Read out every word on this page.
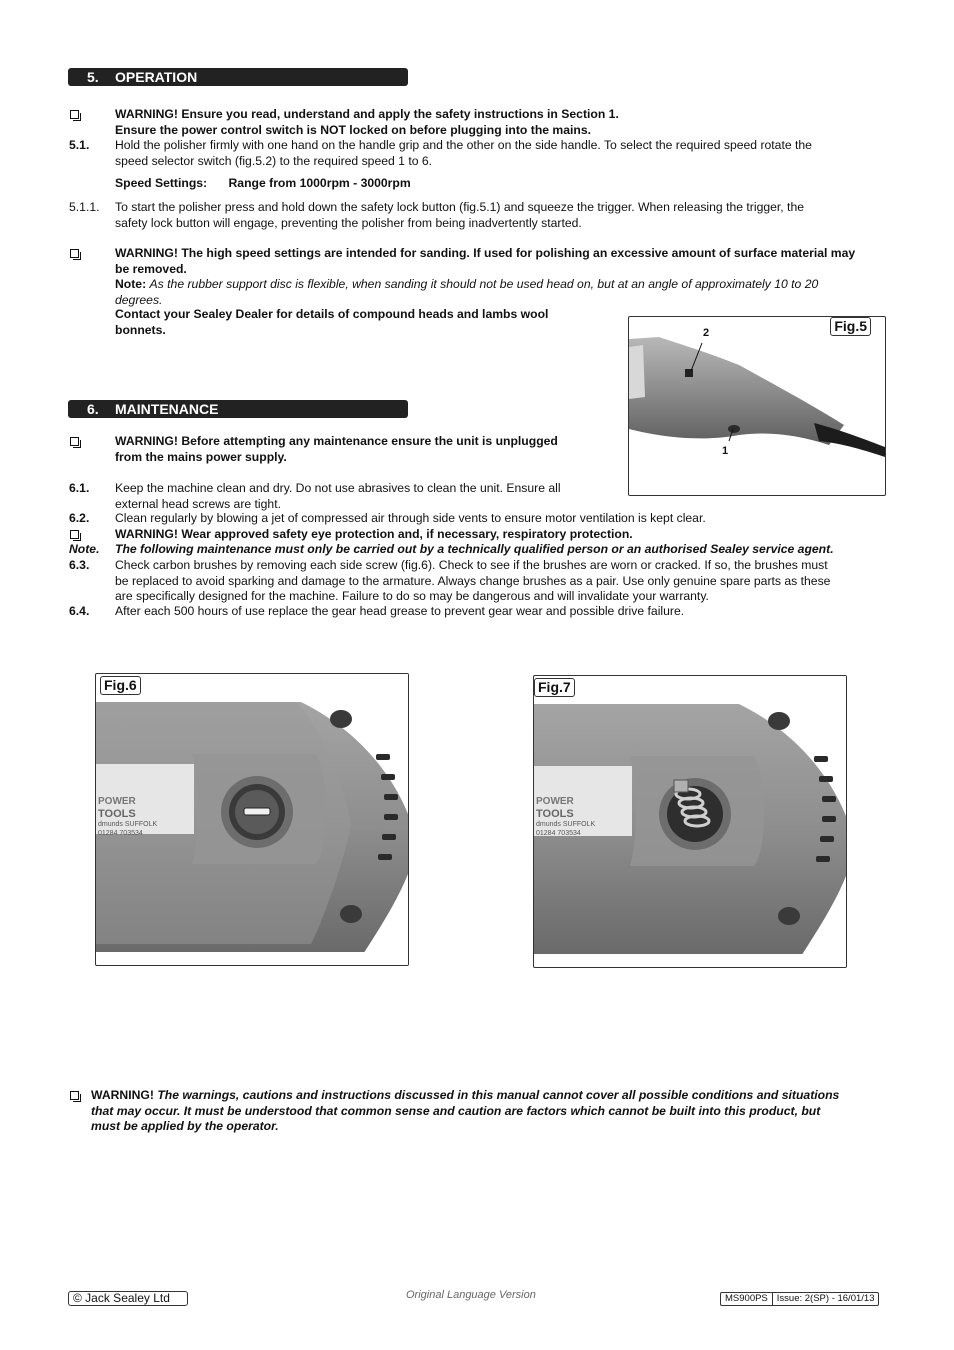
5. OPERATION
WARNING! Ensure you read, understand and apply the safety instructions in Section 1.
Ensure the power control switch is NOT locked on before plugging into the mains.
5.1.	Hold the polisher firmly with one hand on the handle grip and the other on the side handle. To select the required speed rotate the
speed selector switch (fig.5.2) to the required speed 1 to 6.
Speed Settings: Range from 1000rpm - 3000rpm
5.1.1.	To start the polisher press and hold down the safety lock button (fig.5.1) and squeeze the trigger. When releasing the trigger, the
safety lock button will engage, preventing the polisher from being inadvertently started.
WARNING! The high speed settings are intended for sanding. If used for polishing an excessive amount of surface material may
be removed.
Note: As the rubber support disc is flexible, when sanding it should not be used head on, but at an angle of approximately 10 to 20
degrees.
Contact your Sealey Dealer for details of compound heads and lambs wool
bonnets.	Fig.5
2
1
6. MAINTENANCE
WARNING! Before attempting any maintenance ensure the unit is unplugged
from the mains power supply.
6.1.	Keep the machine clean and dry. Do not use abrasives to clean the unit. Ensure all
external head screws are tight.
6.2.	Clean regularly by blowing a jet of compressed air through side vents to ensure motor ventilation is kept clear.
WARNING! Wear approved safety eye protection and, if necessary, respiratory protection.
Note.	The following maintenance must only be carried out by a technically qualified person or an authorised Sealey service agent.
6.3.	Check carbon brushes by removing each side screw (fig.6). Check to see if the brushes are worn or cracked. If so, the brushes must
be replaced to avoid sparking and damage to the armature. Always change brushes as a pair. Use only genuine spare parts as these
are specifically designed for the machine. Failure to do so may be dangerous and will invalidate your warranty.
6.4.	After each 500 hours of use replace the gear head grease to prevent gear wear and possible drive failure.
POWER
TOOLS
dmunds SUFFOLK
01284 703534
Fig.6
POWER
TOOLS
dmunds SUFFOLK
01284 703534
Fig.7
WARNING! The warnings, cautions and instructions discussed in this manual cannot cover all possible conditions and situations
that may occur. It must be understood that common sense and caution are factors which cannot be built into this product, but
must be applied by the operator.
© Jack Sealey Ltd	Original Language Version	MS900PS Issue: 2(SP) - 16/01/13
